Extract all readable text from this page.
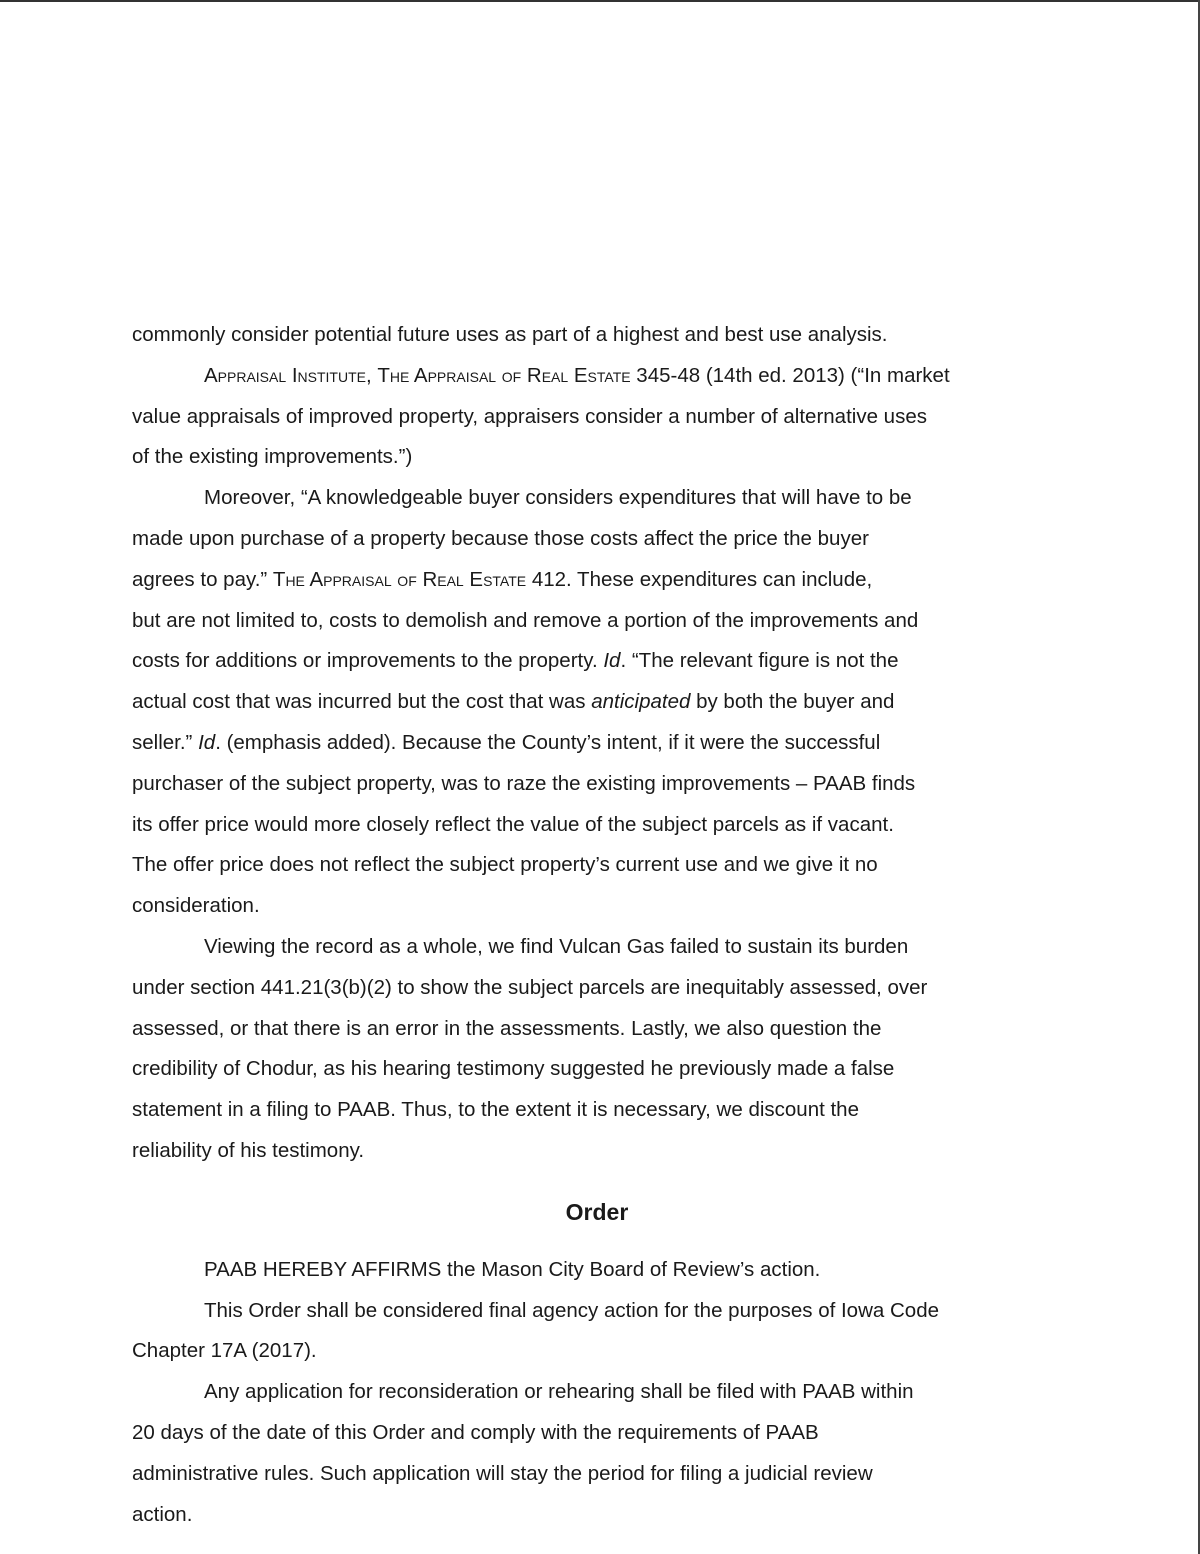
commonly consider potential future uses as part of a highest and best use analysis.
Appraisal Institute, The Appraisal of Real Estate 345-48 (14th ed. 2013) (“In market
value appraisals of improved property, appraisers consider a number of alternative uses
of the existing improvements.”)
Moreover, “A knowledgeable buyer considers expenditures that will have to be
made upon purchase of a property because those costs affect the price the buyer
agrees to pay.” The Appraisal of Real Estate 412. These expenditures can include,
but are not limited to, costs to demolish and remove a portion of the improvements and
costs for additions or improvements to the property. Id. “The relevant figure is not the
actual cost that was incurred but the cost that was anticipated by both the buyer and
seller.” Id. (emphasis added). Because the County’s intent, if it were the successful
purchaser of the subject property, was to raze the existing improvements – PAAB finds
its offer price would more closely reflect the value of the subject parcels as if vacant.
The offer price does not reflect the subject property’s current use and we give it no
consideration.
Viewing the record as a whole, we find Vulcan Gas failed to sustain its burden
under section 441.21(3(b)(2) to show the subject parcels are inequitably assessed, over
assessed, or that there is an error in the assessments. Lastly, we also question the
credibility of Chodur, as his hearing testimony suggested he previously made a false
statement in a filing to PAAB. Thus, to the extent it is necessary, we discount the
reliability of his testimony.
Order
PAAB HEREBY AFFIRMS the Mason City Board of Review’s action.
This Order shall be considered final agency action for the purposes of Iowa Code
Chapter 17A (2017).
Any application for reconsideration or rehearing shall be filed with PAAB within
20 days of the date of this Order and comply with the requirements of PAAB
administrative rules. Such application will stay the period for filing a judicial review
action.
